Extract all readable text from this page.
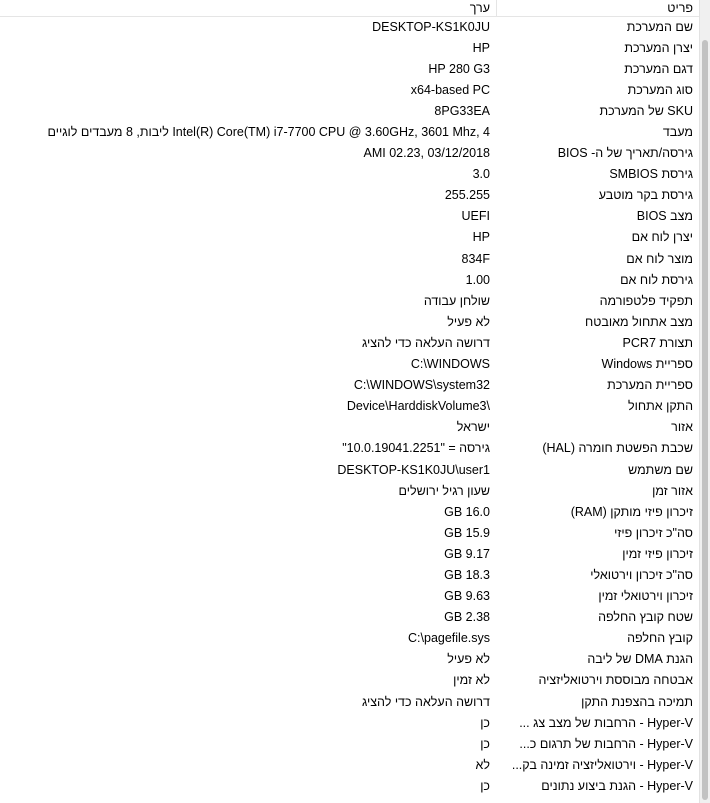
פריט
ערך
שם המערכת
DESKTOP-KS1K0JU
יצרן המערכת
HP
דגם המערכת
HP 280 G3
סוג המערכת
x64-based PC
SKU של המערכת
8PG33EA
מעבד
Intel(R) Core(TM) i7-7700 CPU @ 3.60GHz, 3601 Mhz, 4 ליבות, 8 מעבדים לוגיים
גירסה/תאריך של ה- BIOS
AMI 02.23, 03/12/2018
גירסת SMBIOS
3.0
גירסת בקר מוטבע
255.255
מצב BIOS
UEFI
יצרן לוח אם
HP
מוצר לוח אם
834F
גירסת לוח אם
1.00
תפקיד פלטפורמה
שולחן עבודה
מצב אתחול מאובטח
לא פעיל
תצורת PCR7
דרושה העלאה כדי להציג
ספריית Windows
C:\WINDOWS
ספריית המערכת
C:\WINDOWS\system32
התקן אתחול
\Device\HarddiskVolume3
אזור
ישראל
שכבת הפשטת חומרה (HAL)
גירסה = "10.0.19041.2251"
שם משתמש
DESKTOP-KS1K0JU\user1
אזור זמן
שעון רגיל ירושלים
זיכרון פיזי מותקן (RAM)
16.0 GB
סה"כ זיכרון פיזי
15.9 GB
זיכרון פיזי זמין
9.17 GB
סה"כ זיכרון וירטואלי
18.3 GB
זיכרון וירטואלי זמין
9.63 GB
שטח קובץ החלפה
2.38 GB
קובץ החלפה
C:\pagefile.sys
הגנת DMA של ליבה
לא פעיל
אבטחה מבוססת וירטואליזציה
לא זמין
תמיכה בהצפנת התקן
דרושה העלאה כדי להציג
Hyper-V - הרחבות של מצב צג ...
כן
Hyper-V - הרחבות של תרגום כ...
כן
Hyper-V - וירטואליזציה זמינה בק...
לא
Hyper-V - הגנת ביצוע נתונים
כן
